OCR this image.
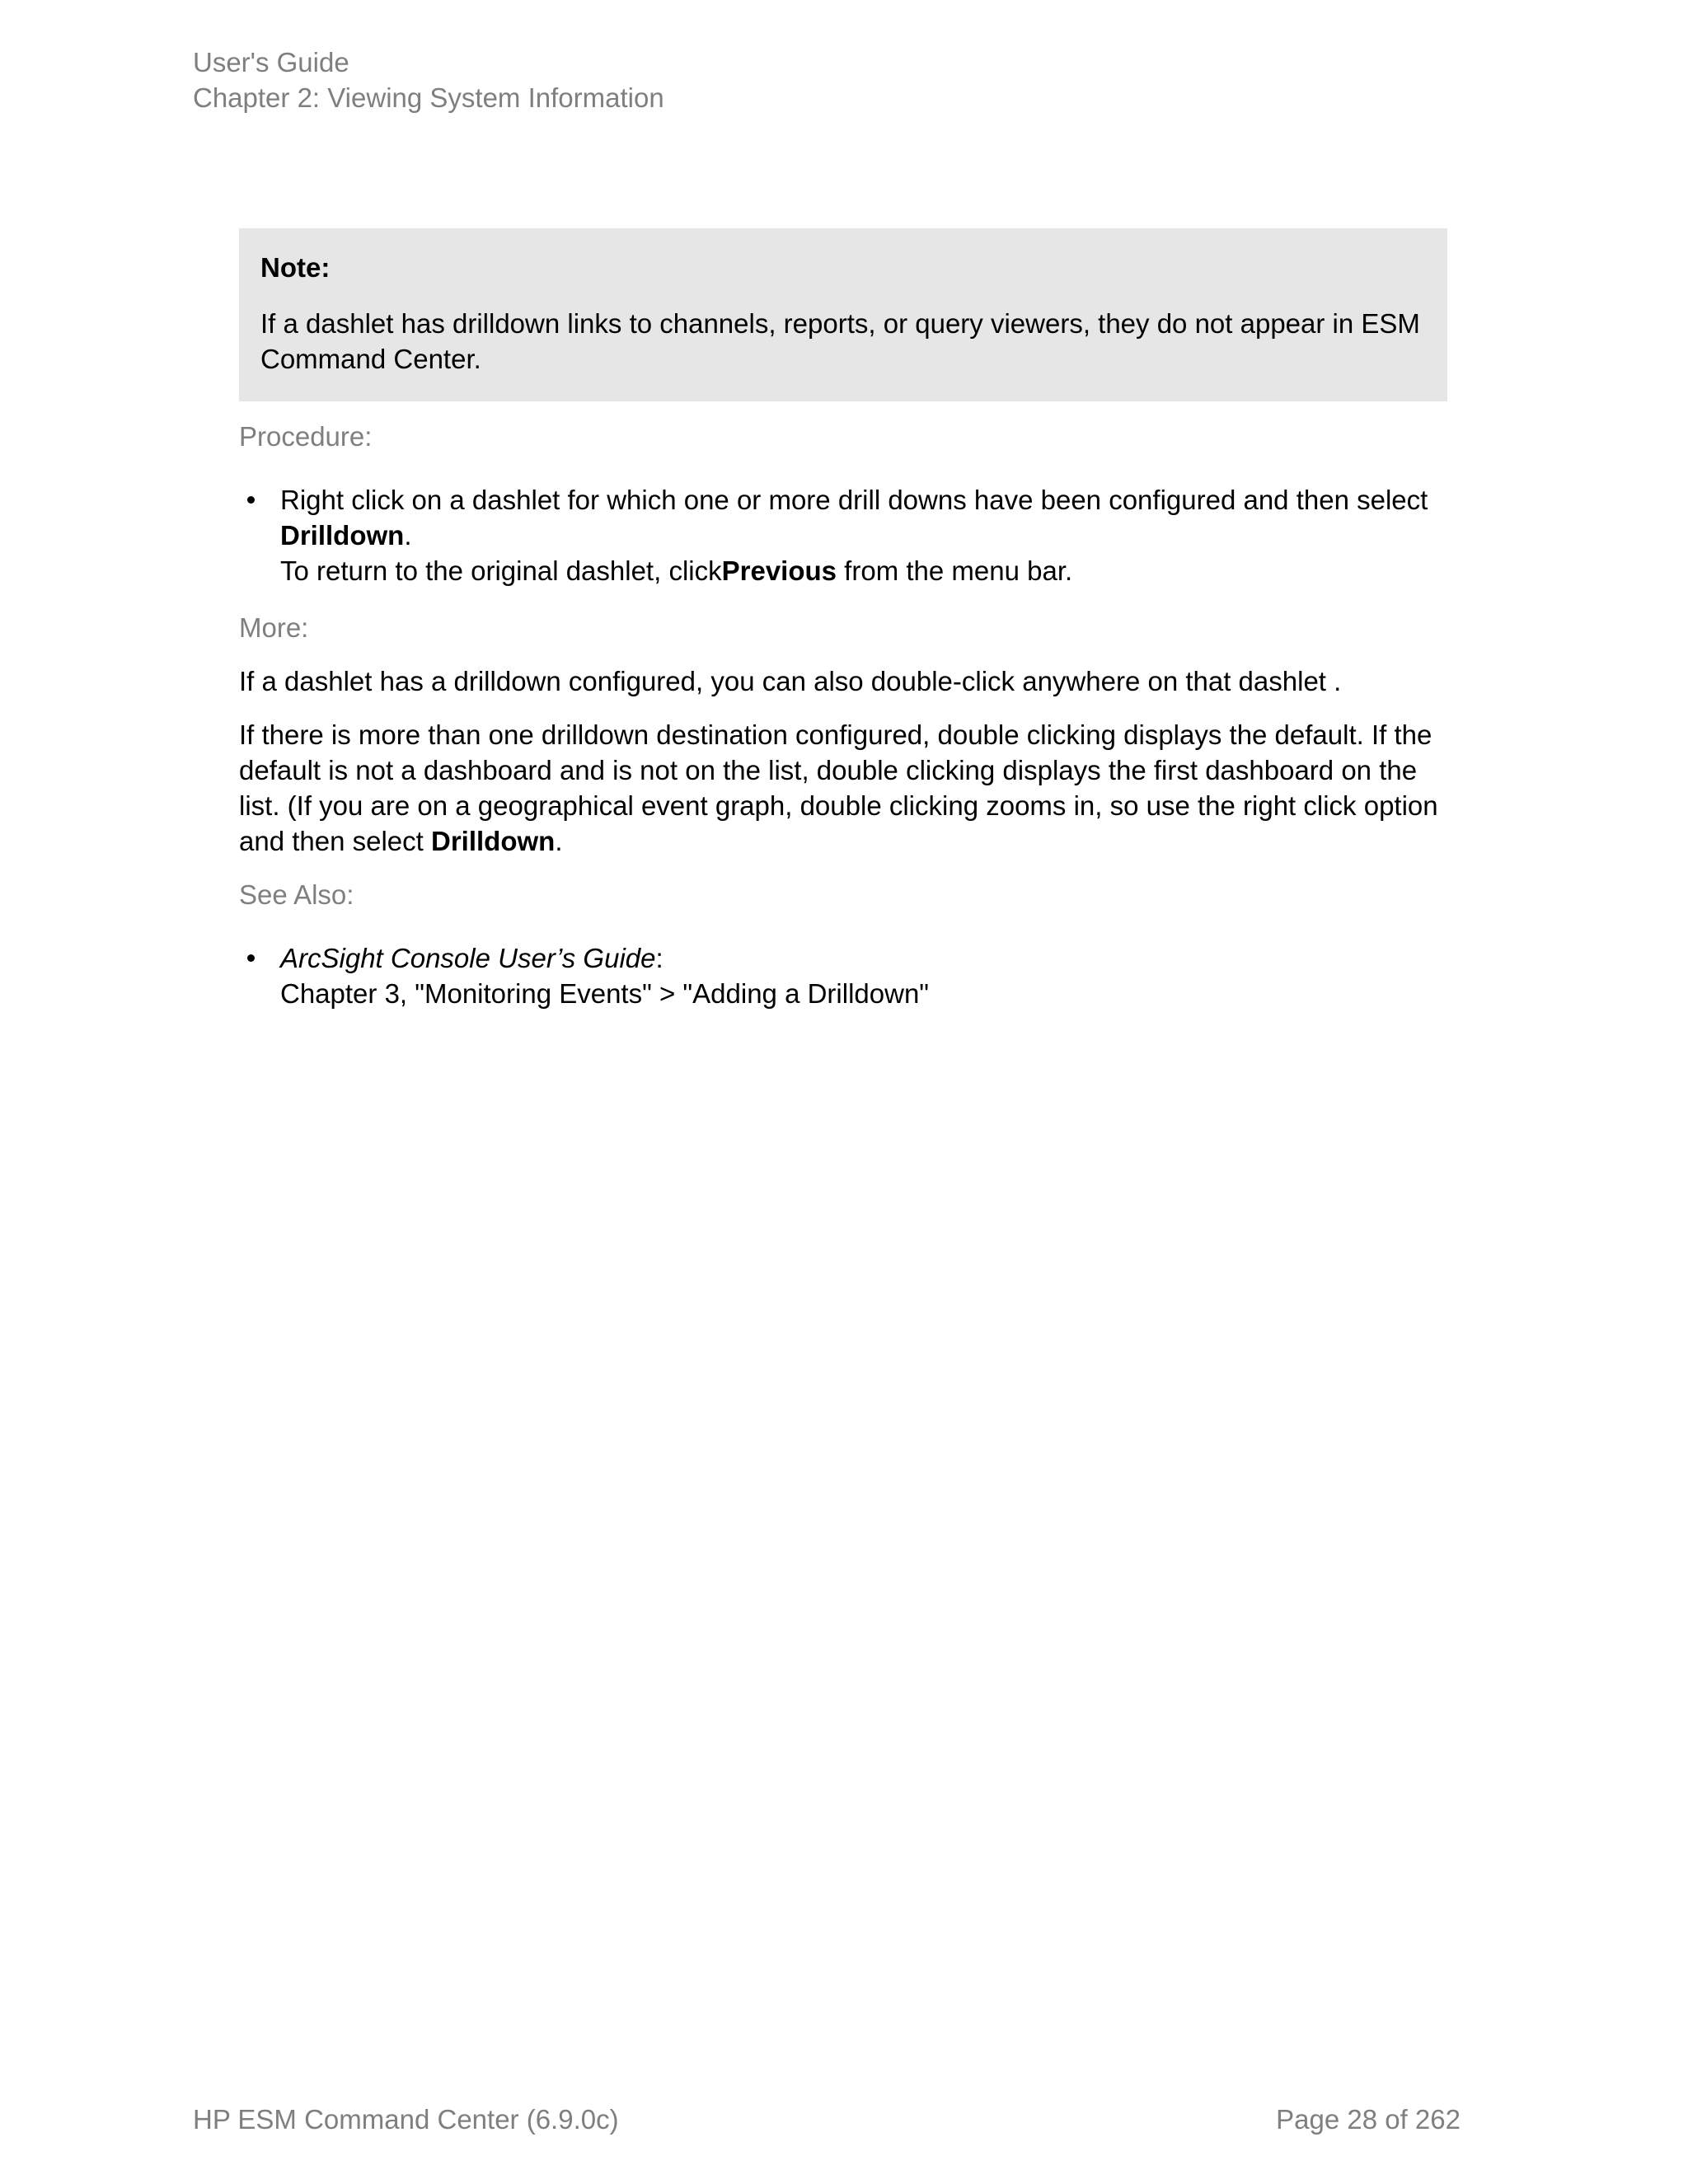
User's Guide
Chapter 2: Viewing System Information

Note:

If a dashlet has drilldown links to channels, reports, or query viewers, they do not appear in ESM Command Center.

Procedure:

Right click on a dashlet for which one or more drill downs have been configured and then select Drilldown.
To return to the original dashlet, clickPrevious from the menu bar.

More:

If a dashlet has a drilldown configured, you can also double-click anywhere on that dashlet .

If there is more than one drilldown destination configured, double clicking displays the default. If the default is not a dashboard and is not on the list, double clicking displays the first dashboard on the list. (If you are on a geographical event graph, double clicking zooms in, so use the right click option and then select Drilldown.

See Also:

ArcSight Console User’s Guide:
Chapter 3, "Monitoring Events" > "Adding a Drilldown"
HP ESM Command Center (6.9.0c)	Page 28 of 262
